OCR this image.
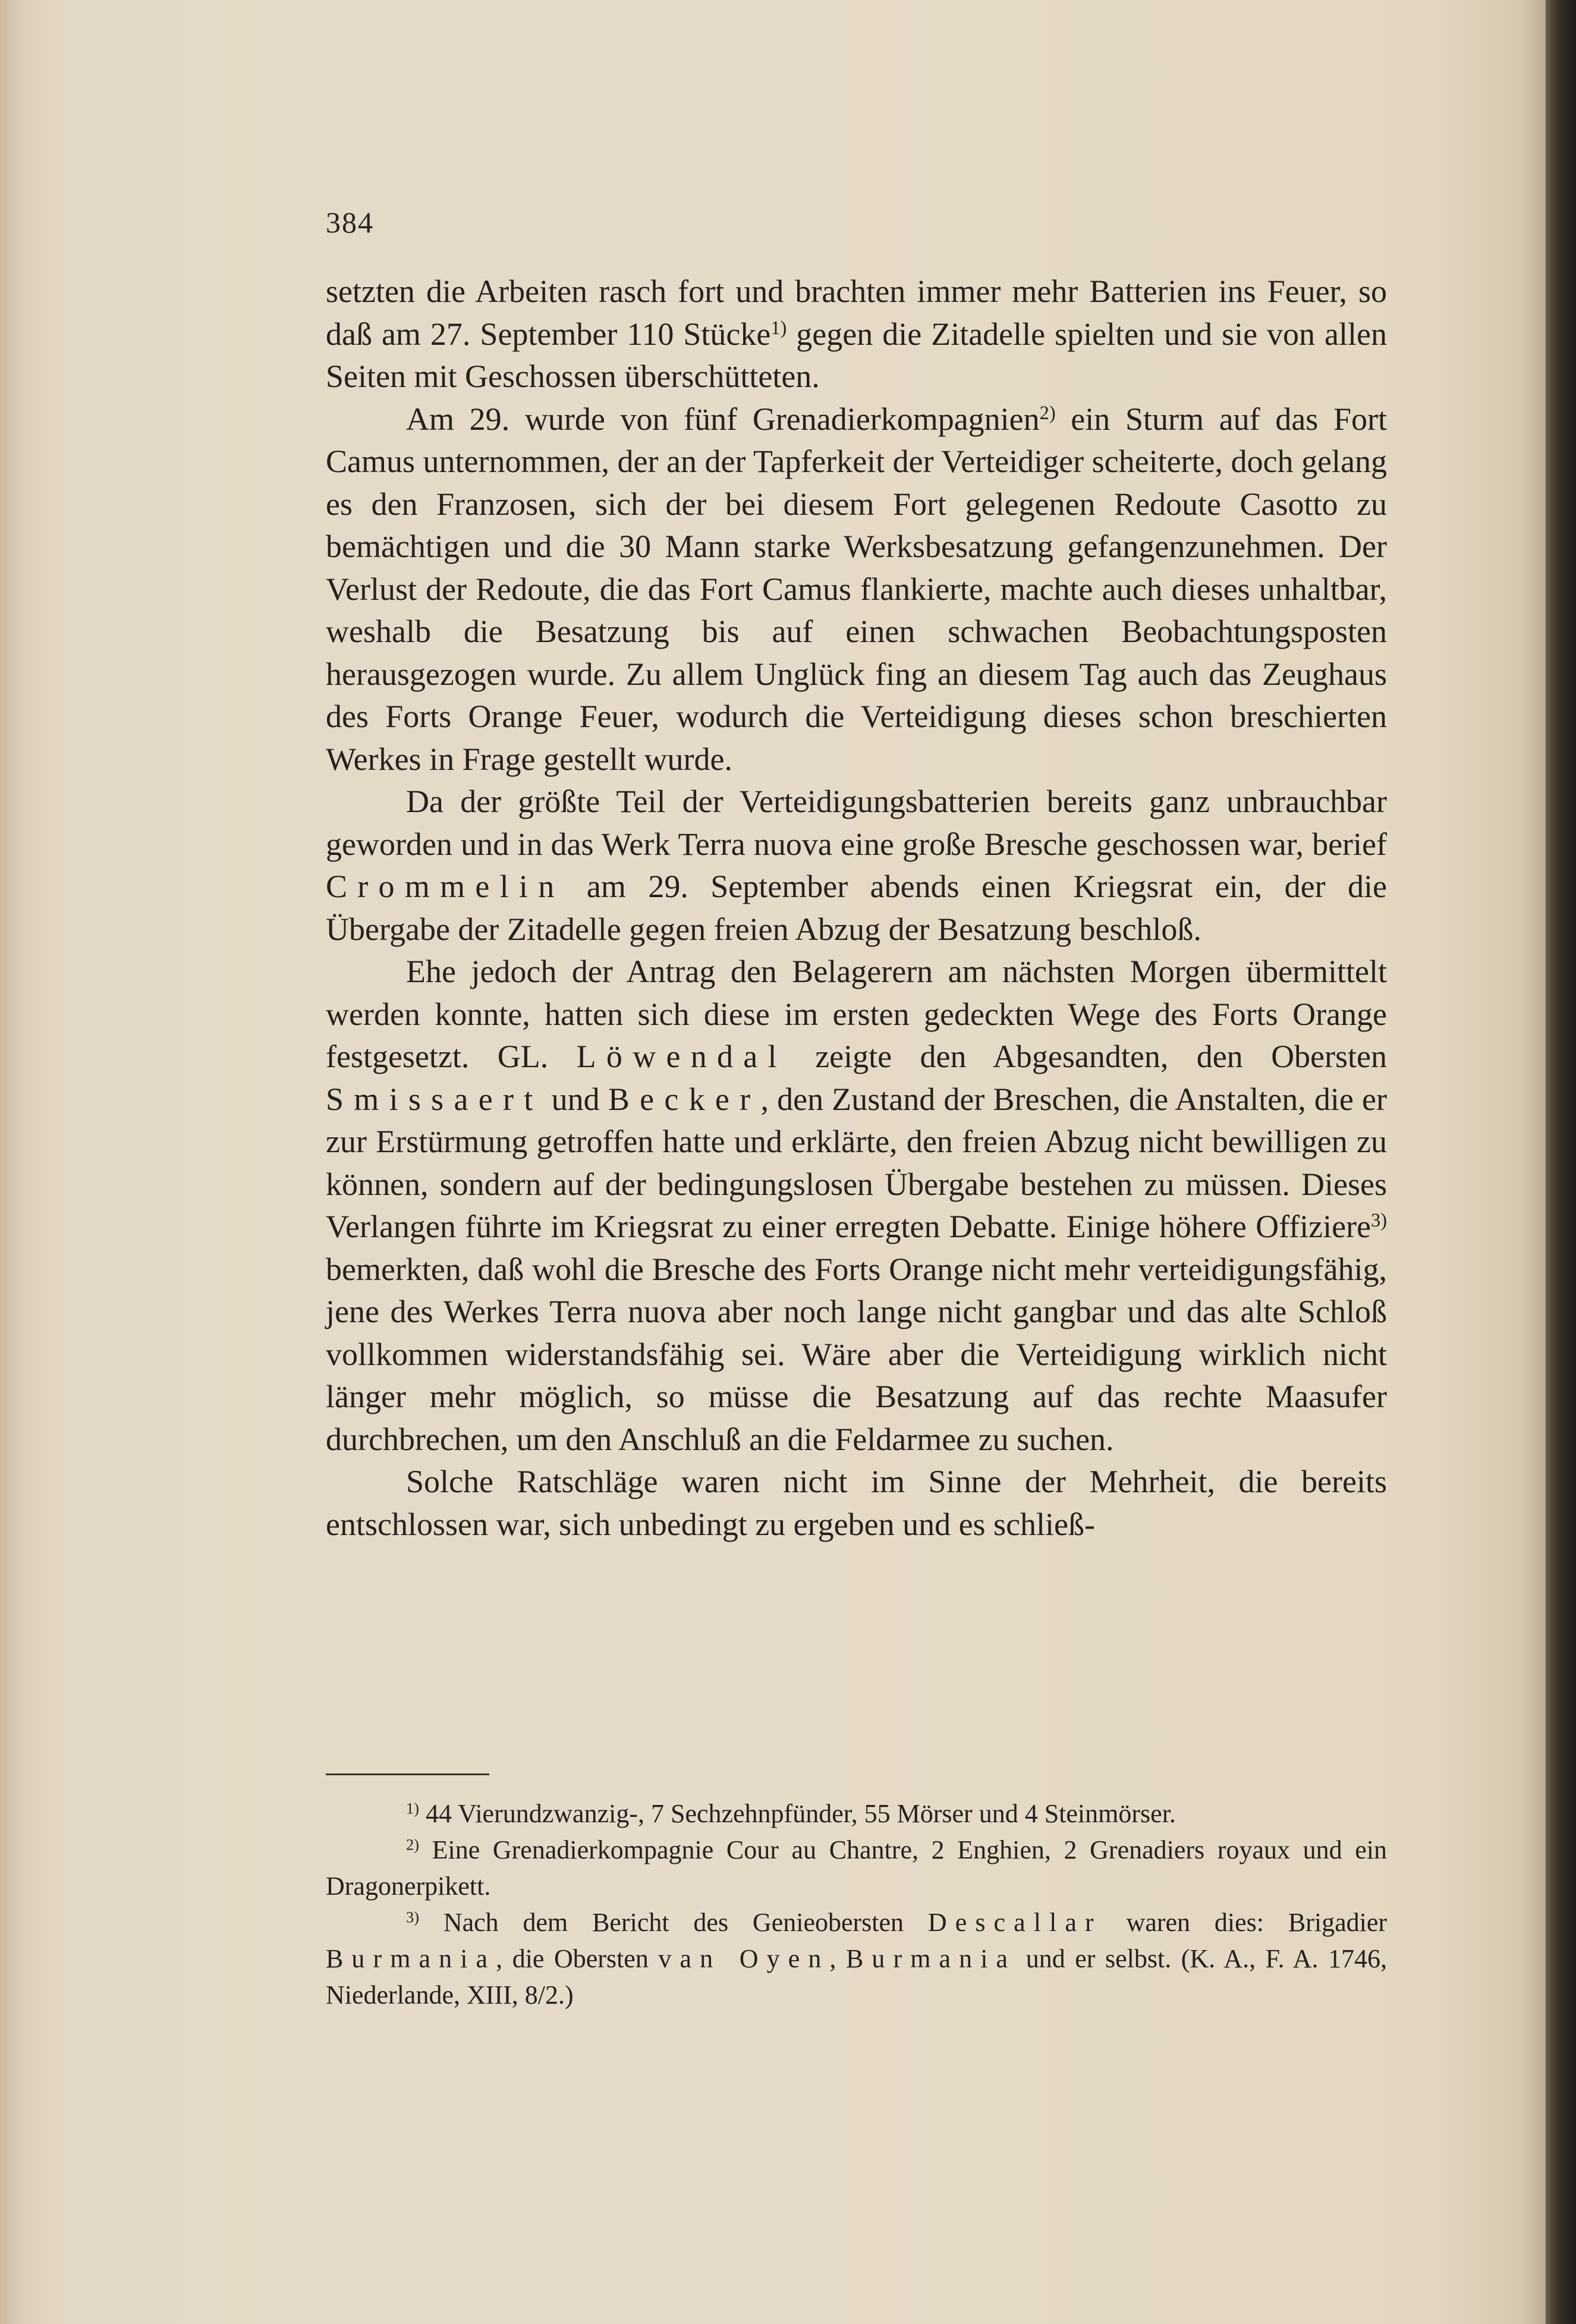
384

setzten die Arbeiten rasch fort und brachten immer mehr Batterien ins Feuer, so daß am 27. September 110 Stücke$^{1)}$ gegen die Zitadelle spielten und sie von allen Seiten mit Geschossen überschütteten.

Am 29. wurde von fünf Grenadierkompagnien$^{2)}$ ein Sturm auf das Fort Camus unternommen, der an der Tapferkeit der Verteidiger scheiterte, doch gelang es den Franzosen, sich der bei diesem Fort gelegenen Redoute Casotto zu bemächtigen und die 30 Mann starke Werksbesatzung gefangenzunehmen. Der Verlust der Redoute, die das Fort Camus flankierte, machte auch dieses unhaltbar, weshalb die Besatzung bis auf einen schwachen Beobachtungsposten herausgezogen wurde. Zu allem Unglück fing an diesem Tag auch das Zeughaus des Forts Orange Feuer, wodurch die Verteidigung dieses schon breschierten Werkes in Frage gestellt wurde.

Da der größte Teil der Verteidigungsbatterien bereits ganz unbrauchbar geworden und in das Werk Terra nuova eine große Bresche geschossen war, berief Crommelin am 29. September abends einen Kriegsrat ein, der die Übergabe der Zitadelle gegen freien Abzug der Besatzung beschloß.

Ehe jedoch der Antrag den Belagerern am nächsten Morgen übermittelt werden konnte, hatten sich diese im ersten gedeckten Wege des Forts Orange festgesetzt. GL. Löwendal zeigte den Abgesandten, den Obersten Smissaert und Becker, den Zustand der Breschen, die Anstalten, die er zur Erstürmung getroffen hatte und erklärte, den freien Abzug nicht bewilligen zu können, sondern auf der bedingungslosen Übergabe bestehen zu müssen. Dieses Verlangen führte im Kriegsrat zu einer erregten Debatte. Einige höhere Offiziere$^{3)}$ bemerkten, daß wohl die Bresche des Forts Orange nicht mehr verteidigungsfähig, jene des Werkes Terra nuova aber noch lange nicht gangbar und das alte Schloß vollkommen widerstandsfähig sei. Wäre aber die Verteidigung wirklich nicht länger mehr möglich, so müsse die Besatzung auf das rechte Maasufer durchbrechen, um den Anschluß an die Feldarmee zu suchen.

Solche Ratschläge waren nicht im Sinne der Mehrheit, die bereits entschlossen war, sich unbedingt zu ergeben und es schließ-

$^{1)}$ 44 Vierundzwanzig-, 7 Sechzehnpfünder, 55 Mörser und 4 Steinmörser.

$^{2)}$ Eine Grenadierkompagnie Cour au Chantre, 2 Enghien, 2 Grenadiers royaux und ein Dragonerpikett.

$^{3)}$ Nach dem Bericht des Genieobersten Descallar waren dies: Brigadier Burmania, die Obersten van Oyen, Burmania und er selbst. (K. A., F. A. 1746, Niederlande, XIII, 8/2.)
